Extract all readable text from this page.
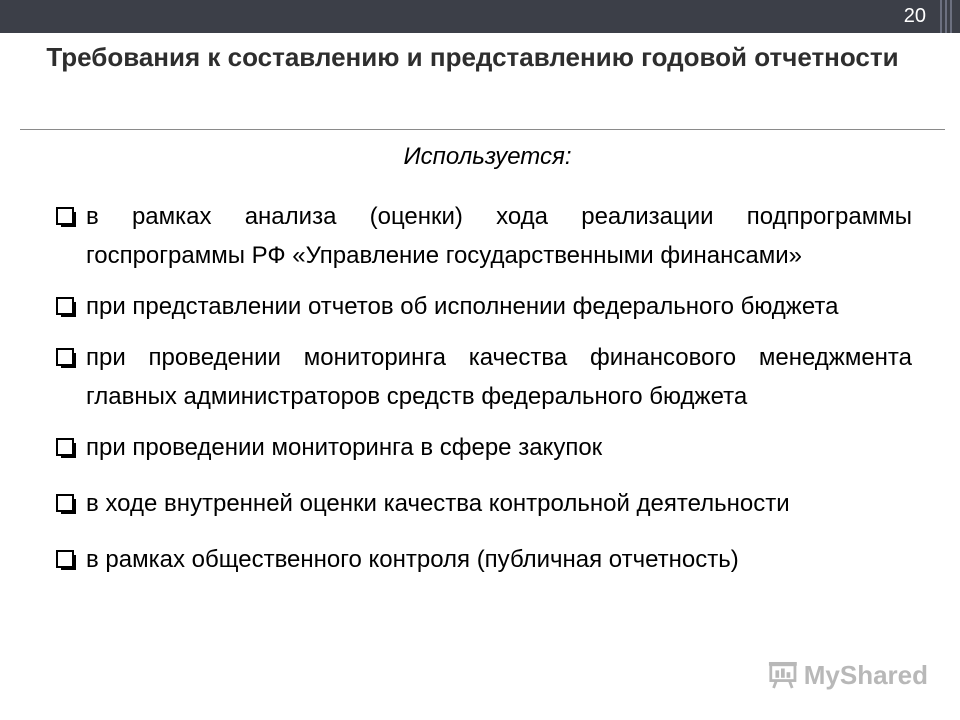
20
Требования к составлению и представлению годовой отчетности
Используется:
в рамках анализа (оценки) хода реализации подпрограммы госпрограммы РФ «Управление государственными финансами»
при представлении отчетов об исполнении федерального бюджета
при проведении мониторинга качества финансового менеджмента главных администраторов средств федерального бюджета
при проведении мониторинга в сфере закупок
в ходе внутренней оценки качества контрольной деятельности
в рамках общественного контроля (публичная отчетность)
MyShared
